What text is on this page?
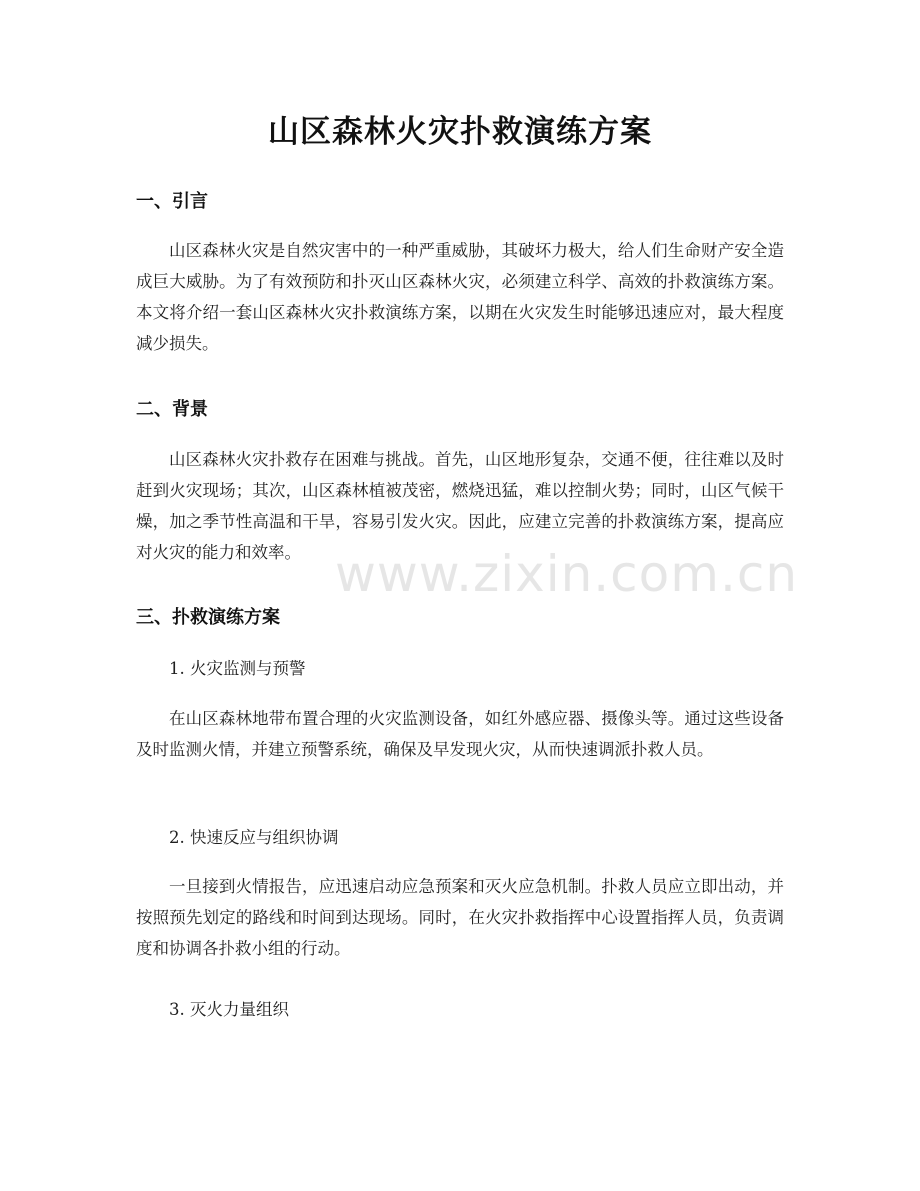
山区森林火灾扑救演练方案
一、引言

山区森林火灾是自然灾害中的一种严重威胁，其破坏力极大，给人们生命财产安全造成巨大威胁。为了有效预防和扑灭山区森林火灾，必须建立科学、高效的扑救演练方案。本文将介绍一套山区森林火灾扑救演练方案，以期在火灾发生时能够迅速应对，最大程度减少损失。

二、背景

山区森林火灾扑救存在困难与挑战。首先，山区地形复杂，交通不便，往往难以及时赶到火灾现场；其次，山区森林植被茂密，燃烧迅猛，难以控制火势；同时，山区气候干燥，加之季节性高温和干旱，容易引发火灾。因此，应建立完善的扑救演练方案，提高应对火灾的能力和效率。

三、扑救演练方案

1. 火灾监测与预警

在山区森林地带布置合理的火灾监测设备，如红外感应器、摄像头等。通过这些设备及时监测火情，并建立预警系统，确保及早发现火灾，从而快速调派扑救人员。

2. 快速反应与组织协调

一旦接到火情报告，应迅速启动应急预案和灭火应急机制。扑救人员应立即出动，并按照预先划定的路线和时间到达现场。同时，在火灾扑救指挥中心设置指挥人员，负责调度和协调各扑救小组的行动。

3. 灭火力量组织

www.zixin.com.cn
